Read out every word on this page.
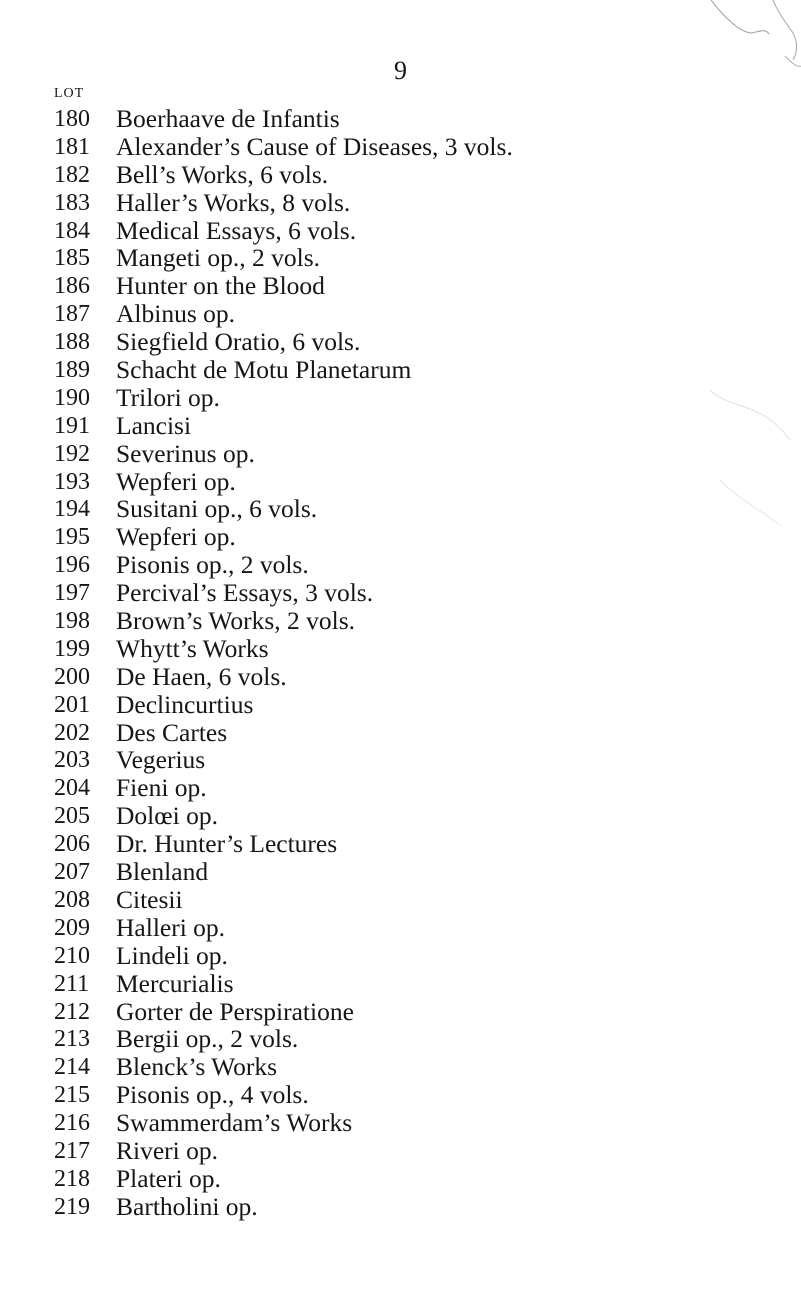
9
LOT
180 Boerhaave de Infantis
181 Alexander’s Cause of Diseases, 3 vols.
182 Bell’s Works, 6 vols.
183 Haller’s Works, 8 vols.
184 Medical Essays, 6 vols.
185 Mangeti op., 2 vols.
186 Hunter on the Blood
187 Albinus op.
188 Siegfield Oratio, 6 vols.
189 Schacht de Motu Planetarum
190 Trilori op.
191 Lancisi
192 Severinus op.
193 Wepferi op.
194 Susitani op., 6 vols.
195 Wepferi op.
196 Pisonis op., 2 vols.
197 Percival’s Essays, 3 vols.
198 Brown’s Works, 2 vols.
199 Whytt’s Works
200 De Haen, 6 vols.
201 Declincurtius
202 Des Cartes
203 Vegerius
204 Fieni op.
205 Dolœi op.
206 Dr. Hunter’s Lectures
207 Blenland
208 Citesii
209 Halleri op.
210 Lindeli op.
211 Mercurialis
212 Gorter de Perspiratione
213 Bergii op., 2 vols.
214 Blenck’s Works
215 Pisonis op., 4 vols.
216 Swammerdam’s Works
217 Riveri op.
218 Plateri op.
219 Bartholini op.
